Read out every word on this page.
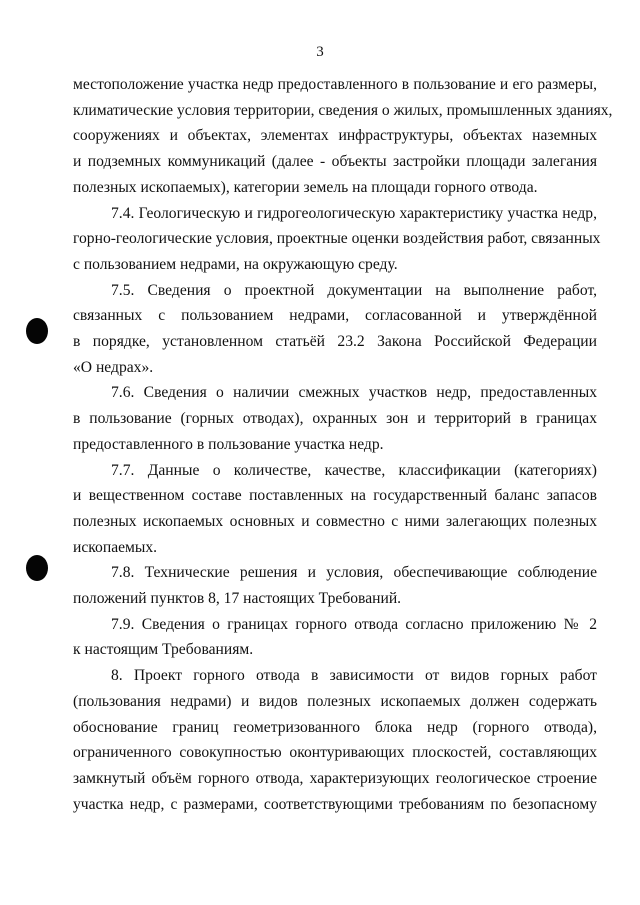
3
местоположение участка недр предоставленного в пользование и его размеры,
климатические условия территории, сведения о жилых, промышленных зданиях,
сооружениях и объектах, элементах инфраструктуры, объектах наземных
и подземных коммуникаций (далее - объекты застройки площади залегания
полезных ископаемых), категории земель на площади горного отвода.
7.4. Геологическую и гидрогеологическую характеристику участка недр,
горно-геологические условия, проектные оценки воздействия работ, связанных
с пользованием недрами, на окружающую среду.
7.5. Сведения о проектной документации на выполнение работ,
связанных с пользованием недрами, согласованной и утверждённой
в порядке, установленном статьёй 23.2 Закона Российской Федерации
«О недрах».
7.6. Сведения о наличии смежных участков недр, предоставленных
в пользование (горных отводах), охранных зон и территорий в границах
предоставленного в пользование участка недр.
7.7. Данные о количестве, качестве, классификации (категориях)
и вещественном составе поставленных на государственный баланс запасов
полезных ископаемых основных и совместно с ними залегающих полезных
ископаемых.
7.8. Технические решения и условия, обеспечивающие соблюдение
положений пунктов 8, 17 настоящих Требований.
7.9. Сведения о границах горного отвода согласно приложению № 2
к настоящим Требованиям.
8. Проект горного отвода в зависимости от видов горных работ
(пользования недрами) и видов полезных ископаемых должен содержать
обоснование границ геометризованного блока недр (горного отвода),
ограниченного совокупностью оконтуривающих плоскостей, составляющих
замкнутый объём горного отвода, характеризующих геологическое строение
участка недр, с размерами, соответствующими требованиям по безопасному
